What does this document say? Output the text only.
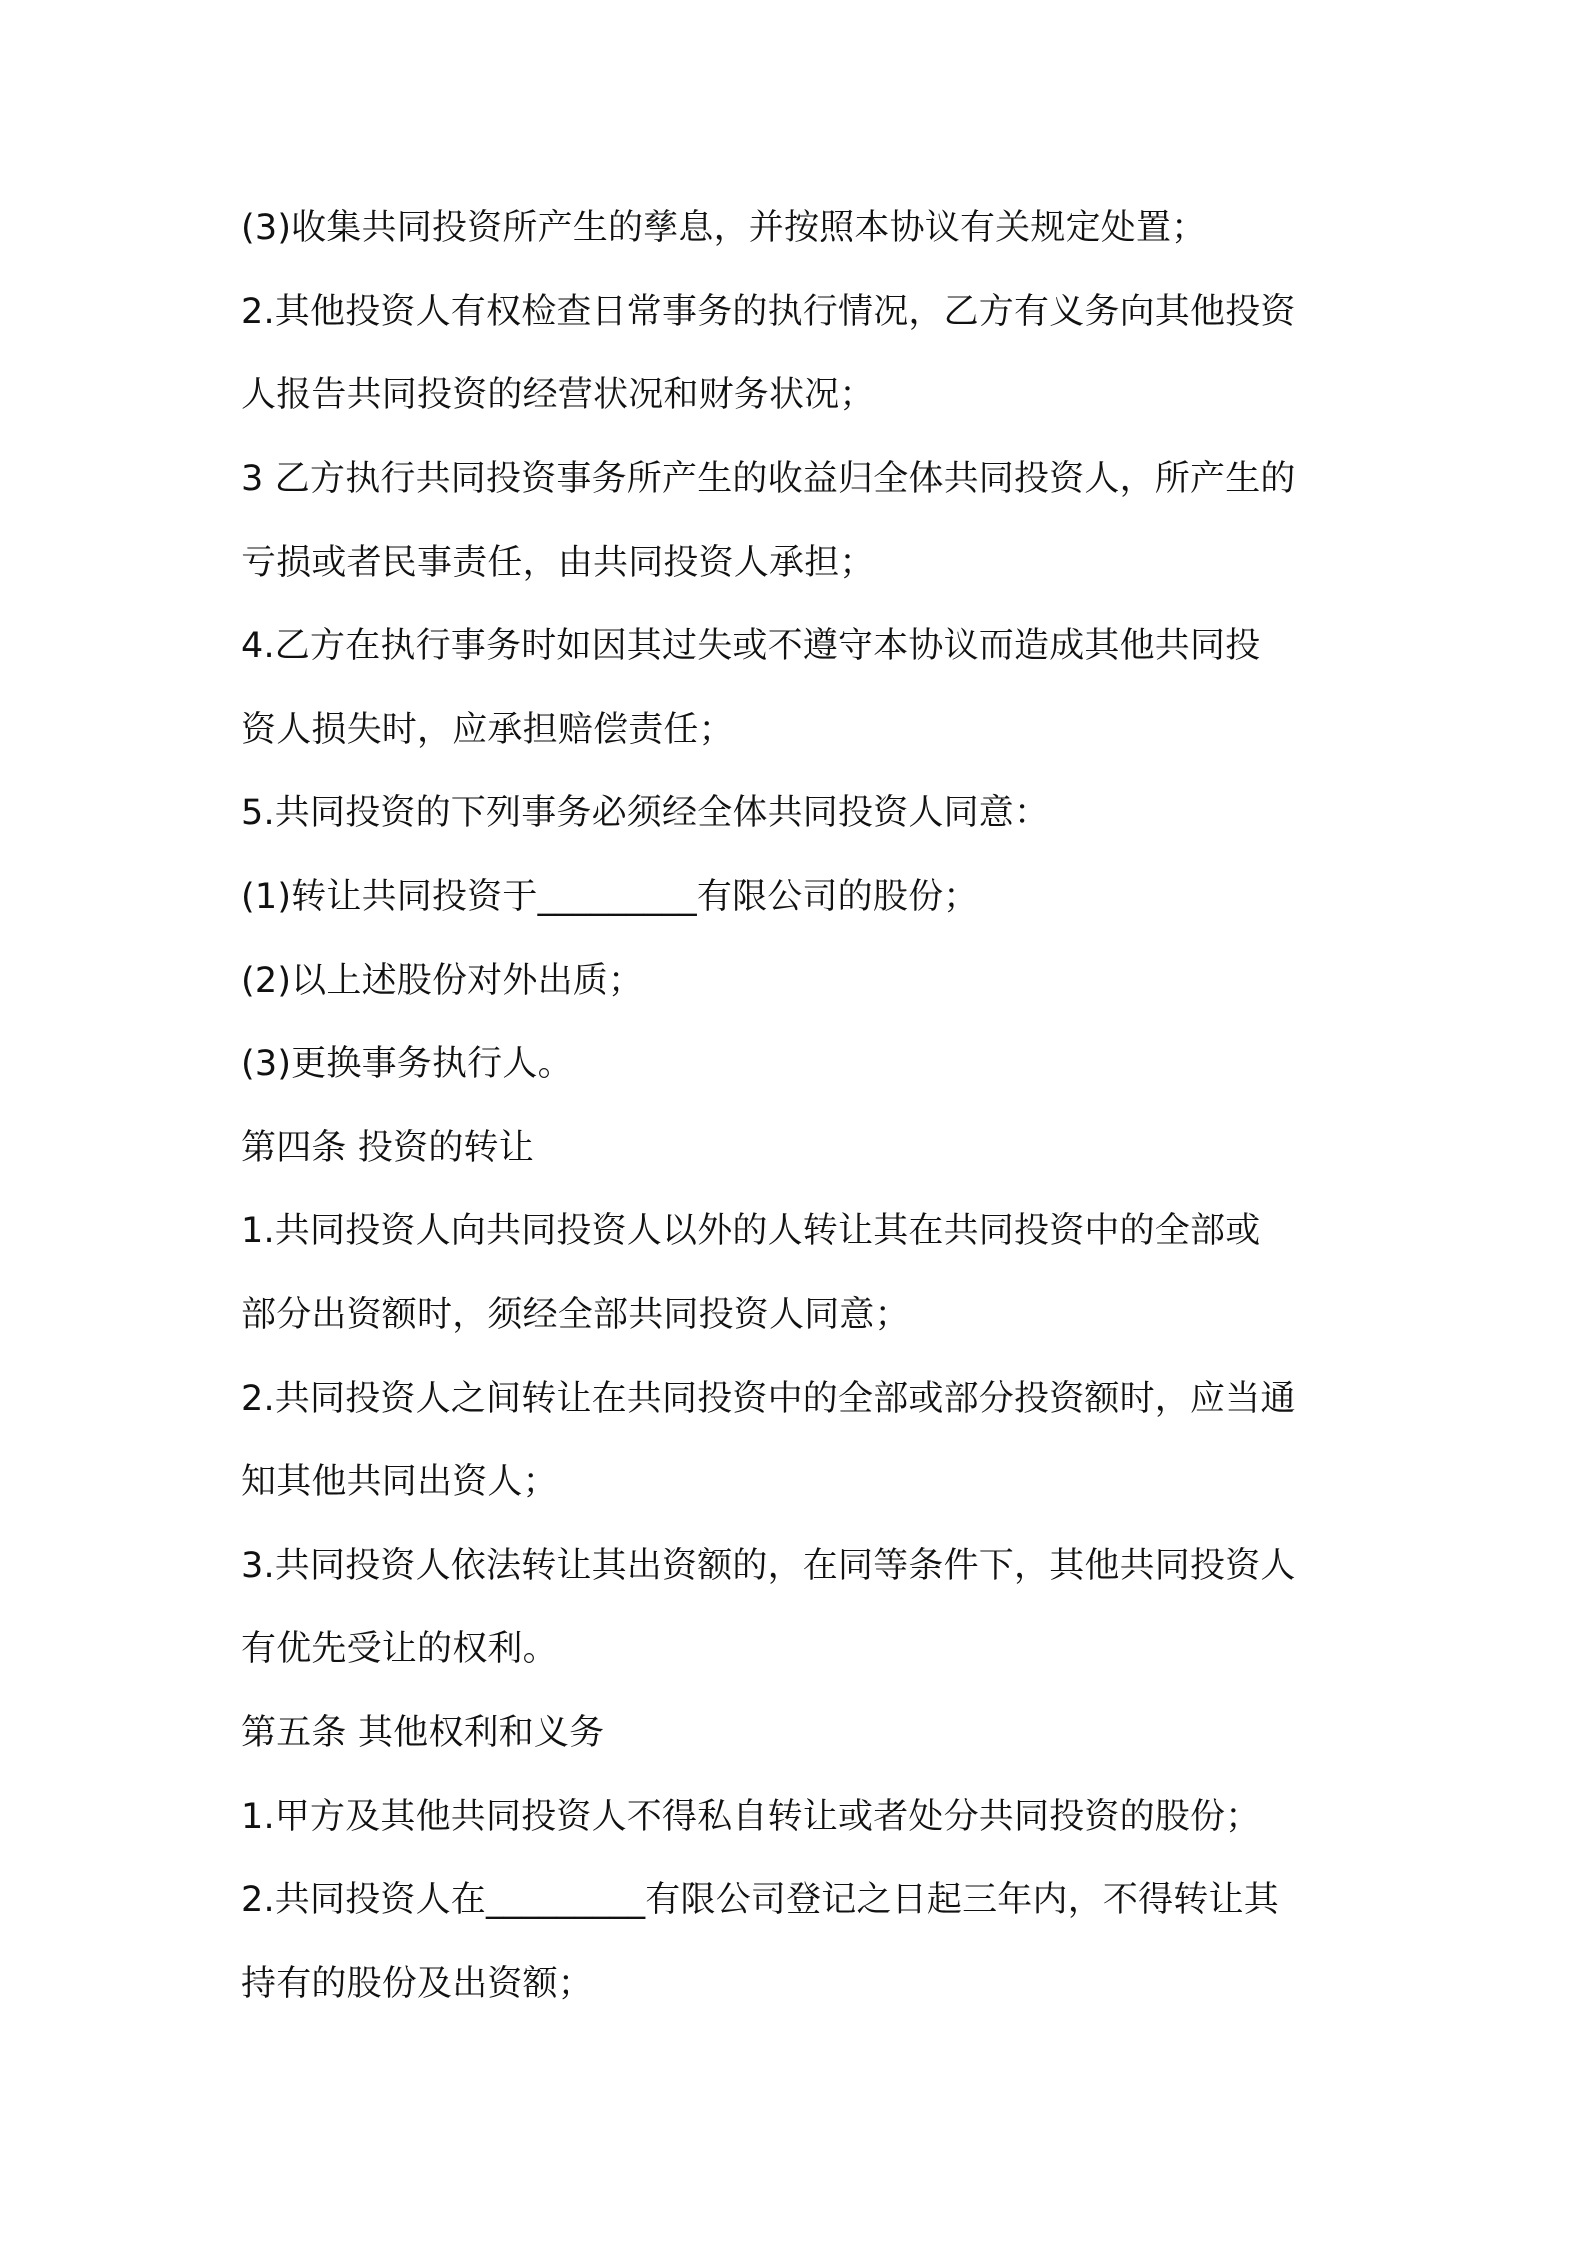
(3)收集共同投资所产生的孳息，并按照本协议有关规定处置；
2.其他投资人有权检查日常事务的执行情况，乙方有义务向其他投资
人报告共同投资的经营状况和财务状况；
3 乙方执行共同投资事务所产生的收益归全体共同投资人，所产生的
亏损或者民事责任，由共同投资人承担；
4.乙方在执行事务时如因其过失或不遵守本协议而造成其他共同投
资人损失时，应承担赔偿责任；
5.共同投资的下列事务必须经全体共同投资人同意：
(1)转让共同投资于_________有限公司的股份；
(2)以上述股份对外出质；
(3)更换事务执行人。
第四条 投资的转让
1.共同投资人向共同投资人以外的人转让其在共同投资中的全部或
部分出资额时，须经全部共同投资人同意；
2.共同投资人之间转让在共同投资中的全部或部分投资额时，应当通
知其他共同出资人；
3.共同投资人依法转让其出资额的，在同等条件下，其他共同投资人
有优先受让的权利。
第五条 其他权利和义务
1.甲方及其他共同投资人不得私自转让或者处分共同投资的股份；
2.共同投资人在_________有限公司登记之日起三年内，不得转让其
持有的股份及出资额；
